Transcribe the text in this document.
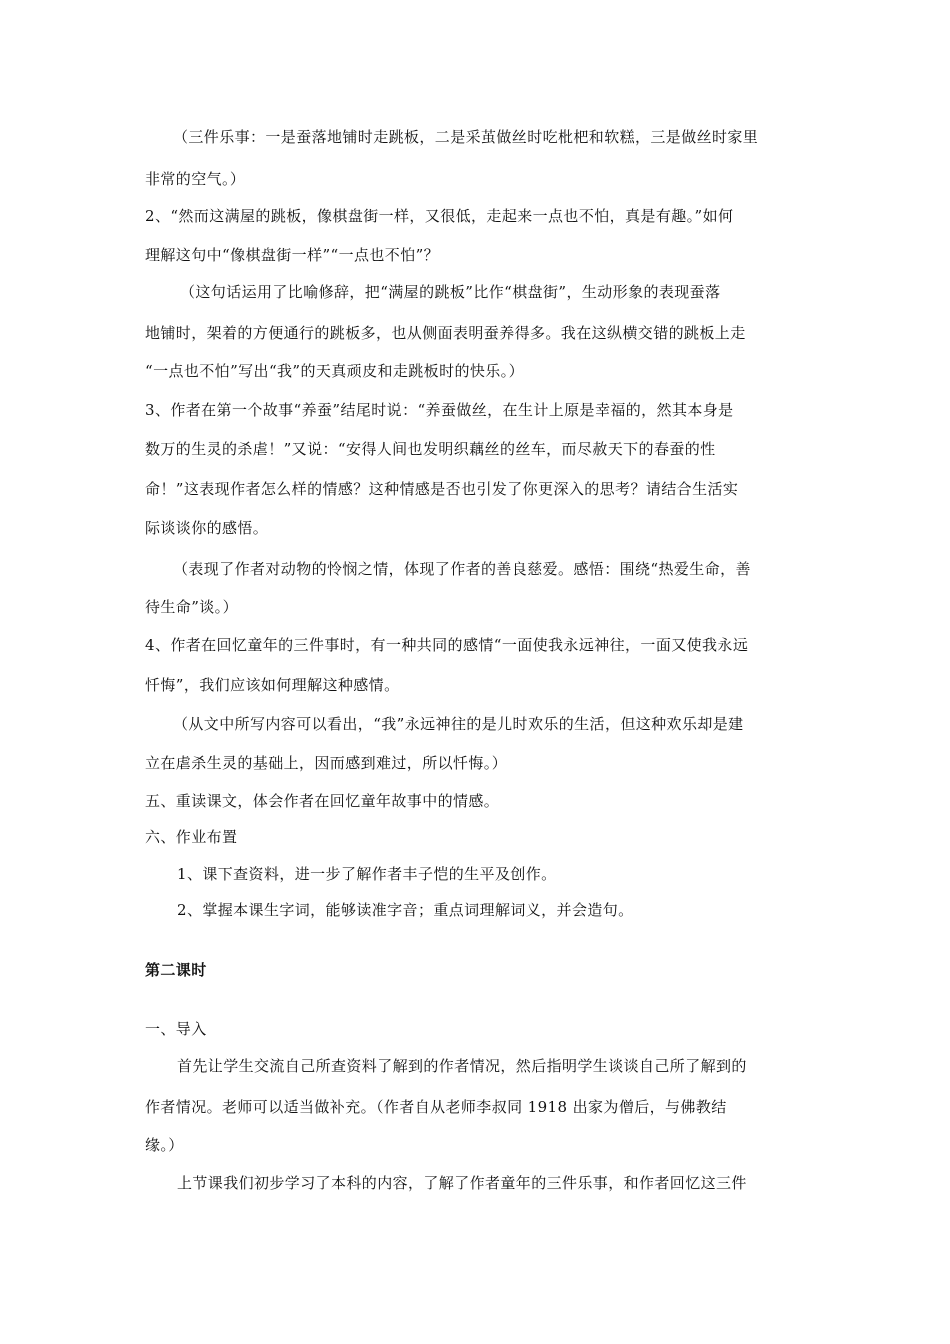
（三件乐事：一是蚕落地铺时走跳板，二是采茧做丝时吃枇杷和软糕，三是做丝时家里
非常的空气。）
2、“然而这满屋的跳板，像棋盘街一样，又很低，走起来一点也不怕，真是有趣。”如何
理解这句中“像棋盘街一样”“一点也不怕”？
（这句话运用了比喻修辞，把“满屋的跳板”比作“棋盘街”，生动形象的表现蚕落
地铺时，架着的方便通行的跳板多，也从侧面表明蚕养得多。我在这纵横交错的跳板上走
“一点也不怕”写出“我”的天真顽皮和走跳板时的快乐。）
3、作者在第一个故事“养蚕”结尾时说：“养蚕做丝，在生计上原是幸福的，然其本身是
数万的生灵的杀虐！”又说：“安得人间也发明织藕丝的丝车，而尽赦天下的春蚕的性
命！”这表现作者怎么样的情感？这种情感是否也引发了你更深入的思考？请结合生活实
际谈谈你的感悟。
（表现了作者对动物的怜悯之情，体现了作者的善良慈爱。感悟：围绕“热爱生命，善
待生命”谈。）
4、作者在回忆童年的三件事时，有一种共同的感情“一面使我永远神往，一面又使我永远
忏悔”，我们应该如何理解这种感情。
（从文中所写内容可以看出，“我”永远神往的是儿时欢乐的生活，但这种欢乐却是建
立在虐杀生灵的基础上，因而感到难过，所以忏悔。）
五、重读课文，体会作者在回忆童年故事中的情感。
六、作业布置
1、课下查资料，进一步了解作者丰子恺的生平及创作。
2、掌握本课生字词，能够读准字音；重点词理解词义，并会造句。
第二课时
一、导入
首先让学生交流自己所查资料了解到的作者情况，然后指明学生谈谈自己所了解到的
作者情况。老师可以适当做补充。（作者自从老师李叔同 1918 出家为僧后，与佛教结
缘。）
上节课我们初步学习了本科的内容，了解了作者童年的三件乐事，和作者回忆这三件
